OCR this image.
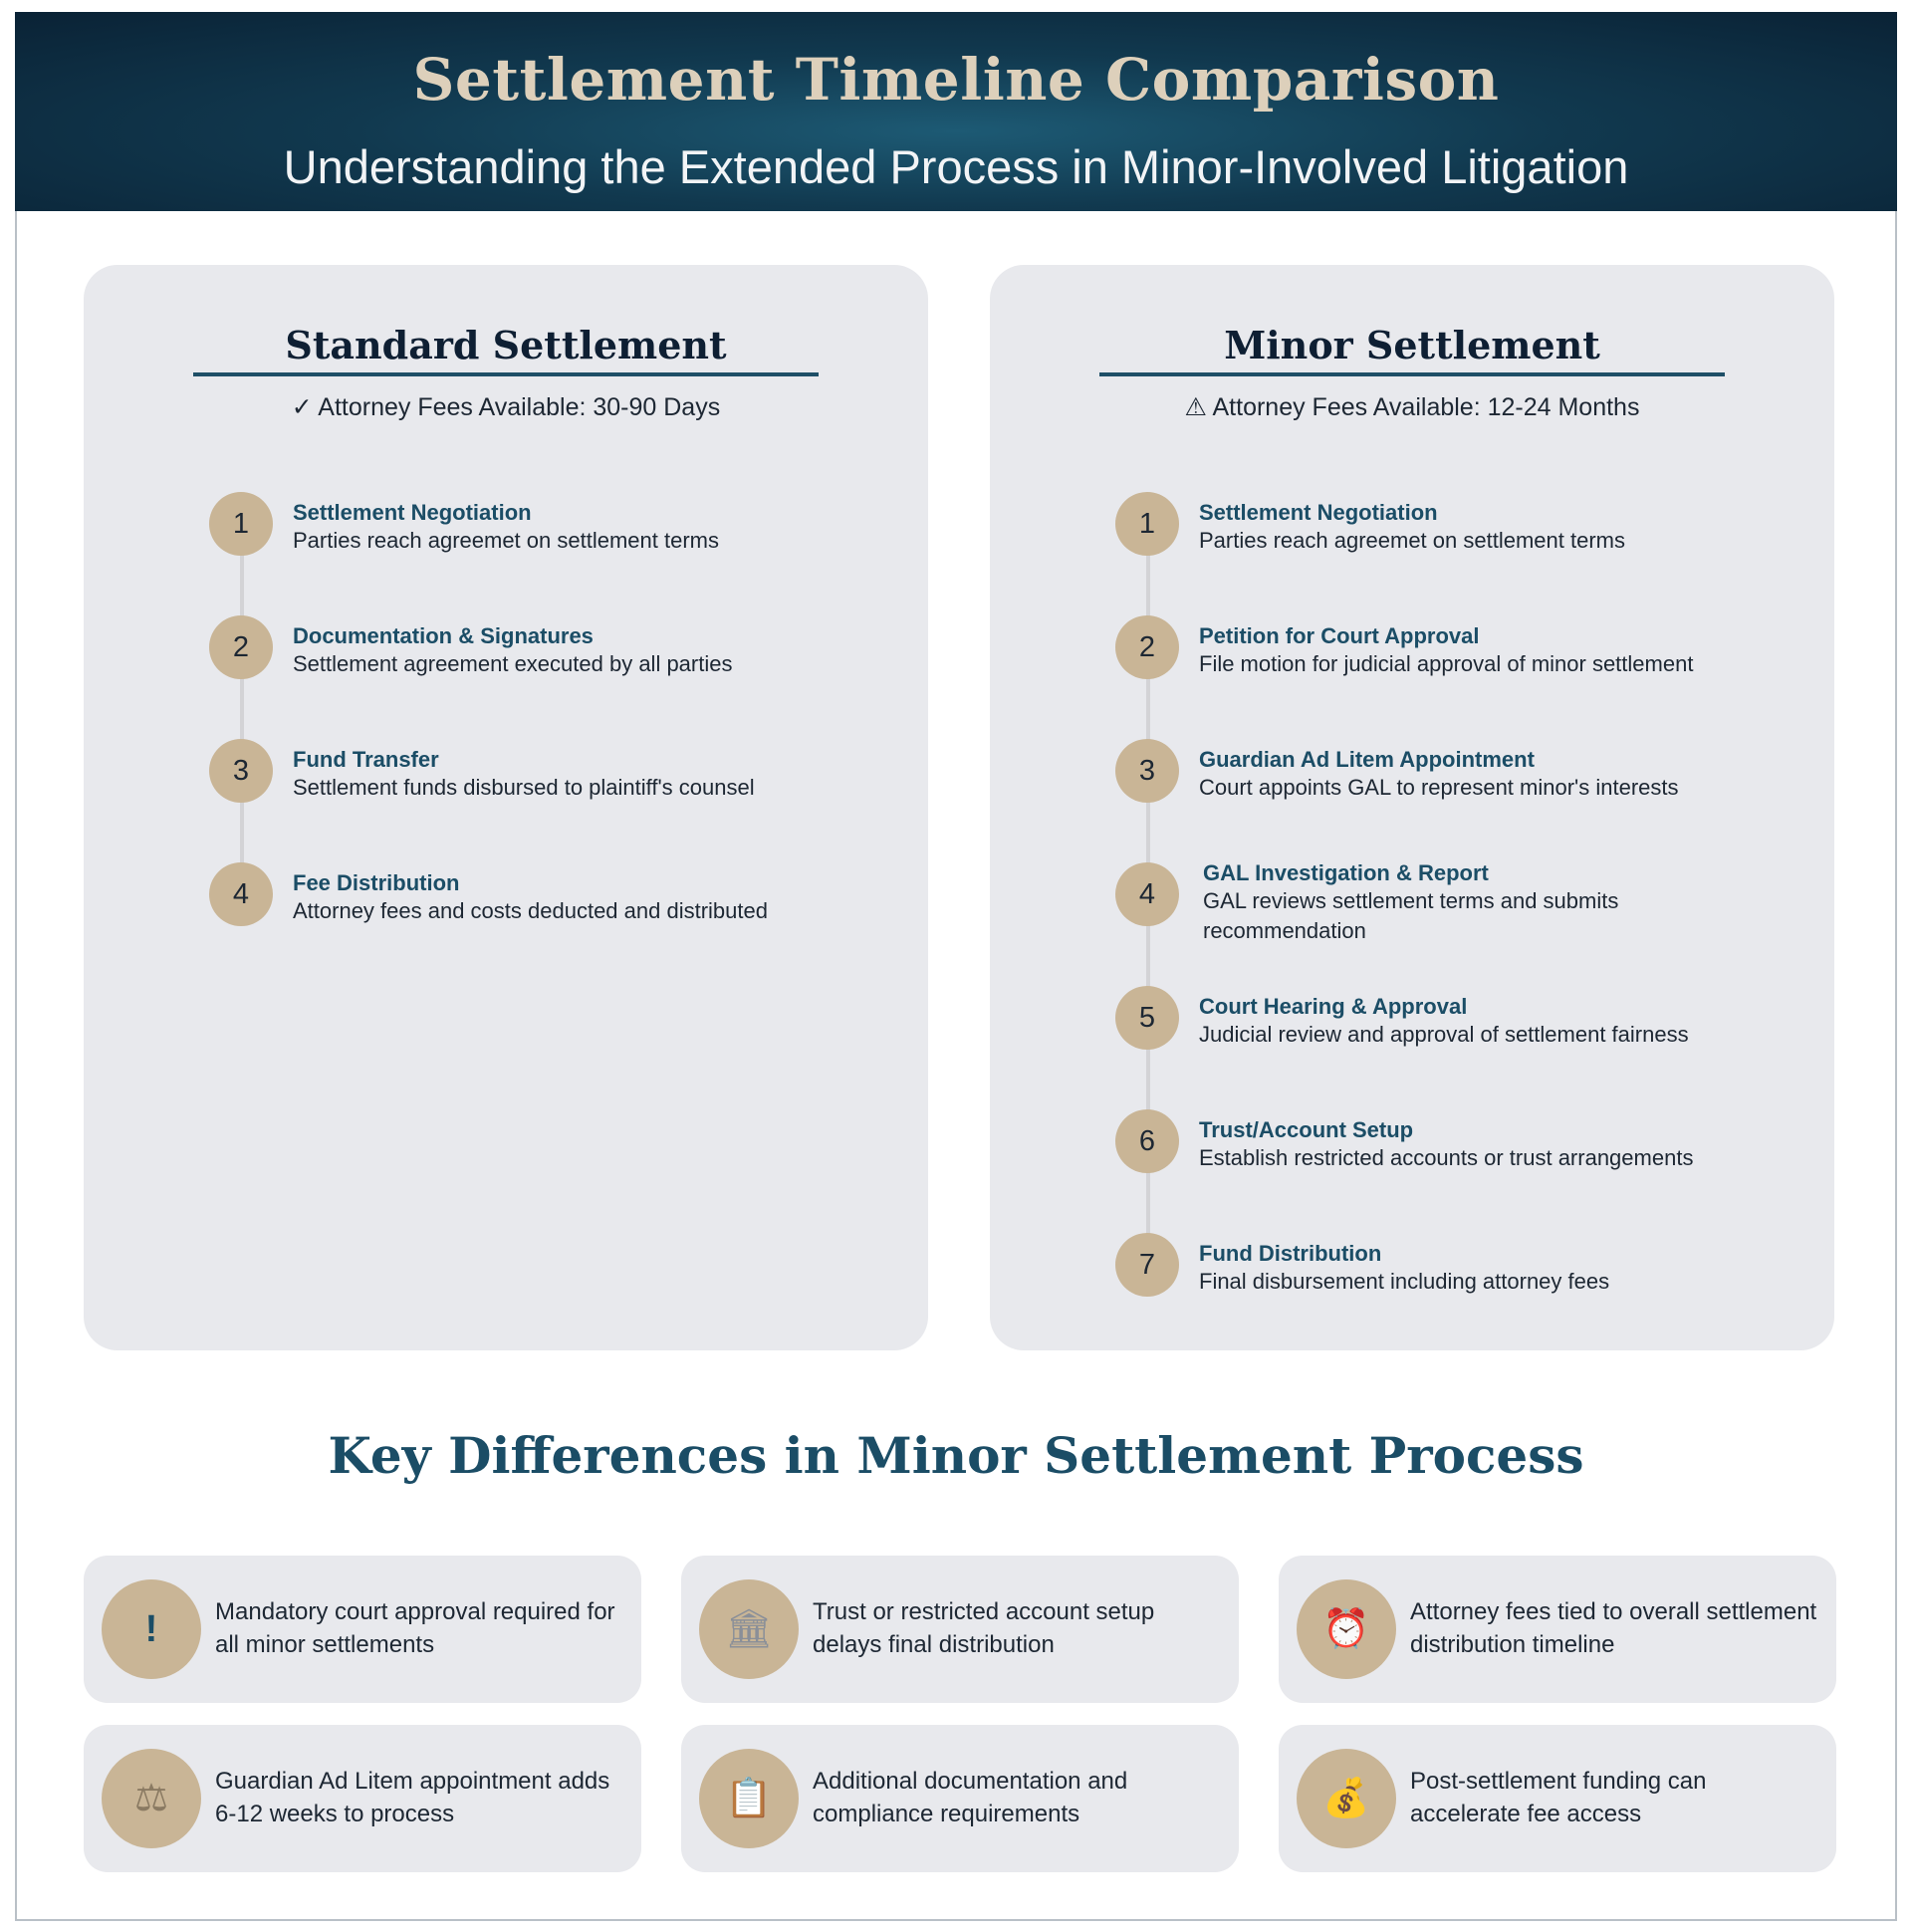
Settlement Timeline Comparison
Understanding the Extended Process in Minor-Involved Litigation
Standard Settlement
✓ Attorney Fees Available: 30-90 Days
1	Settlement Negotiation
Parties reach agreemet on settlement terms
2	Documentation & Signatures
Settlement agreement executed by all parties
3	Fund Transfer
Settlement funds disbursed to plaintiff's counsel
4	Fee Distribution
Attorney fees and costs deducted and distributed
Minor Settlement
⚠ Attorney Fees Available: 12-24 Months
1	Settlement Negotiation
Parties reach agreemet on settlement terms
2	Petition for Court Approval
File motion for judicial approval of minor settlement
3	Guardian Ad Litem Appointment
Court appoints GAL to represent minor's interests
4
GAL Investigation & Report
GAL reviews settlement terms and submits recommendation
5	Court Hearing & Approval
Judicial review and approval of settlement fairness
6	Trust/Account Setup
Establish restricted accounts or trust arrangements
7	Fund Distribution
Final disbursement including attorney fees
Key Differences in Minor Settlement Process
!	Mandatory court approval required for all minor settlements	🏛	Trust or restricted account setup delays final distribution	⏰	Attorney fees tied to overall settlement distribution timeline
⚖	Guardian Ad Litem appointment adds 6-12 weeks to process	📋	Additional documentation and compliance requirements	💰	Post-settlement funding can accelerate fee access
